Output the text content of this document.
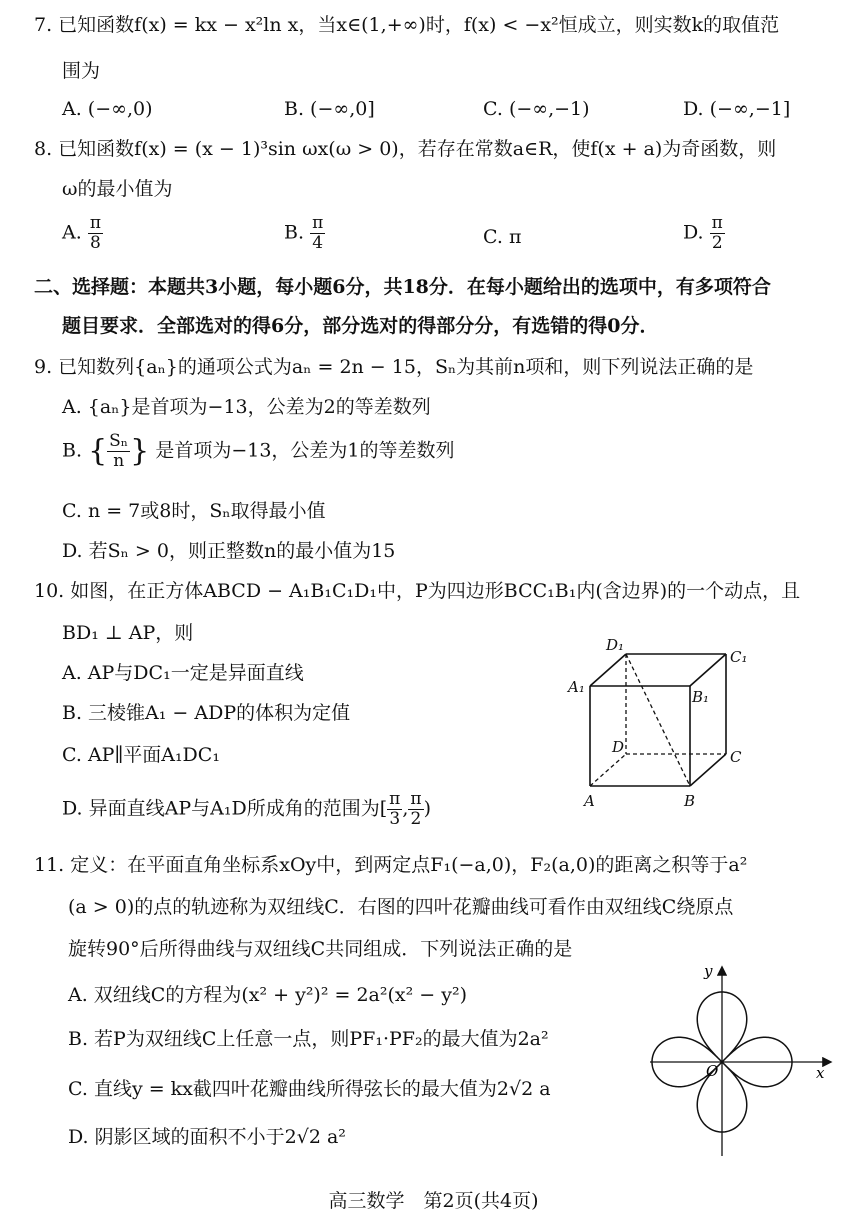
7. 已知函数f(x) = kx − x²ln x，当x∈(1,+∞)时，f(x) < −x²恒成立，则实数k的取值范
围为
A. (−∞,0)	B. (−∞,0]	C. (−∞,−1)	D. (−∞,−1]
8. 已知函数f(x) = (x − 1)³sin ωx(ω > 0)，若存在常数a∈R，使f(x + a)为奇函数，则
ω的最小值为
A. $\frac{\pi}{8}$	B. $\frac{\pi}{4}$	C. π	D. $\frac{\pi}{2}$
二、选择题：本题共3小题，每小题6分，共18分．在每小题给出的选项中，有多项符合
题目要求．全部选对的得6分，部分选对的得部分分，有选错的得0分．
9. 已知数列{aₙ}的通项公式为aₙ = 2n − 15，Sₙ为其前n项和，则下列说法正确的是
A. {aₙ}是首项为−13，公差为2的等差数列
B. { $\frac{\text{Sₙ}}{n}$ } 是首项为−13，公差为1的等差数列
C. n = 7或8时，Sₙ取得最小值
D. 若Sₙ > 0，则正整数n的最小值为15
10. 如图，在正方体ABCD − A₁B₁C₁D₁中，P为四边形BCC₁B₁内(含边界)的一个动点，且
BD₁ ⊥ AP，则
A. AP与DC₁一定是异面直线
B. 三棱锥A₁ − ADP的体积为定值
C. AP∥平面A₁DC₁
D. 异面直线AP与A₁D所成角的范围为[ $\frac{\pi}{3}$ , $\frac{\pi}{2}$ )
D₁
C₁
A₁
B₁
D
C
A	B
11. 定义：在平面直角坐标系xOy中，到两定点F₁(−a,0)，F₂(a,0)的距离之积等于a²
(a > 0)的点的轨迹称为双纽线C．右图的四叶花瓣曲线可看作由双纽线C绕原点
旋转90°后所得曲线与双纽线C共同组成．下列说法正确的是
A. 双纽线C的方程为(x² + y²)² = 2a²(x² − y²)
B. 若P为双纽线C上任意一点，则PF₁·PF₂的最大值为2a²
C. 直线y = kx截四叶花瓣曲线所得弦长的最大值为2√2 a
D. 阴影区域的面积不小于2√2 a²
x
y
O
高三数学　第2页(共4页)
